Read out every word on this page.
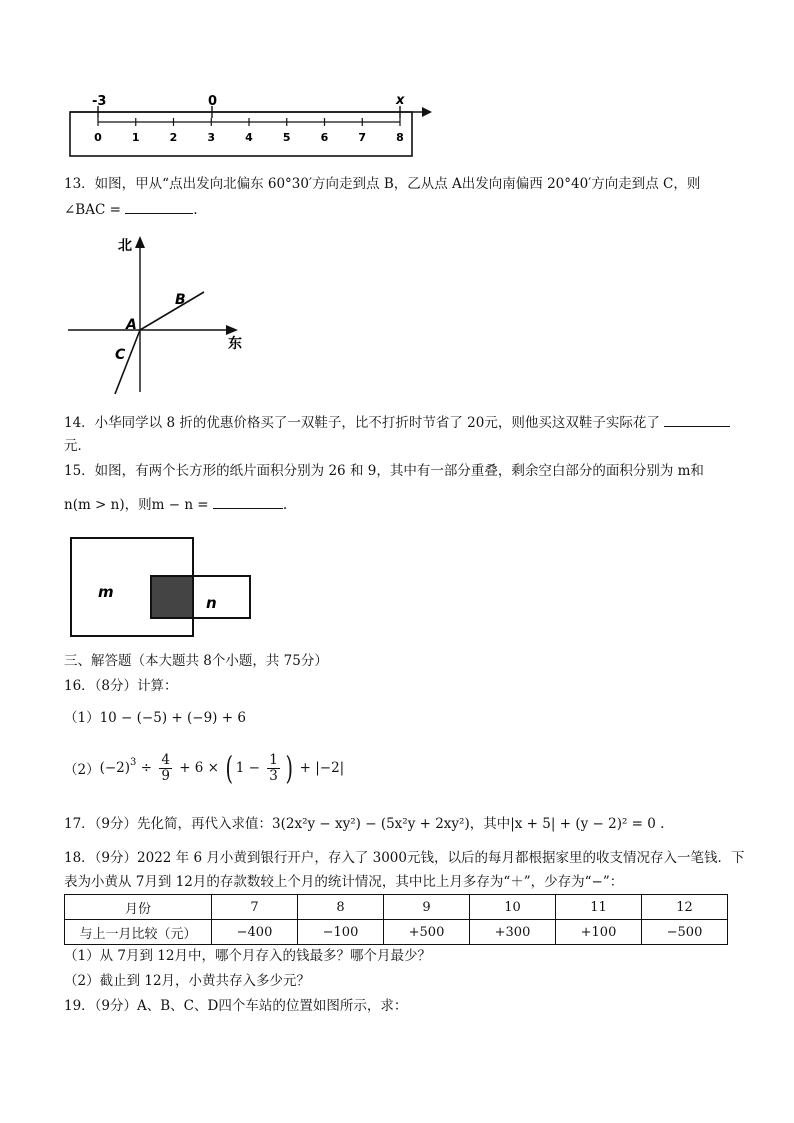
-3	0	x
0	1	2	3	4	5	6	7	8
13．如图，甲从“点出发向北偏东 60°30′方向走到点 B，乙从点 A出发向南偏西 20°40′方向走到点 C，则
∠BAC =	.
北
东
A
B
C
14．小华同学以 8 折的优惠价格买了一双鞋子，比不打折时节省了 20元，则他买这双鞋子实际花了
元．
15．如图，有两个长方形的纸片面积分别为 26 和 9，其中有一部分重叠，剩余空白部分的面积分别为 m和
n(m > n)，则m − n =	.
m
n
三、解答题（本大题共 8个小题，共 75分）
16．（8分）计算：
（1）10 − (−5) + (−9) + 6
（2） $(-2)^3 \div \frac{4}{9} + 6$ × ( $1 - \frac{1}{3}$ ) + |−2|
17．（9分）先化简，再代入求值：3(2x²y − xy²) − (5x²y + 2xy²)，其中|x + 5| + (y − 2)² = 0 .
18．（9分）2022 年 6 月小黄到银行开户，存入了 3000元钱，以后的每月都根据家里的收支情况存入一笔钱．下
表为小黄从 7月到 12月的存款数较上个月的统计情况，其中比上月多存为“＋”，少存为“−”：
月份	7	8	9	10	11	12
与上一月比较（元）	−400	−100	+500	+300	+100	−500
（1）从 7月到 12月中，哪个月存入的钱最多？哪个月最少？
（2）截止到 12月，小黄共存入多少元？
19．（9分）A、B、C、D四个车站的位置如图所示，求：
